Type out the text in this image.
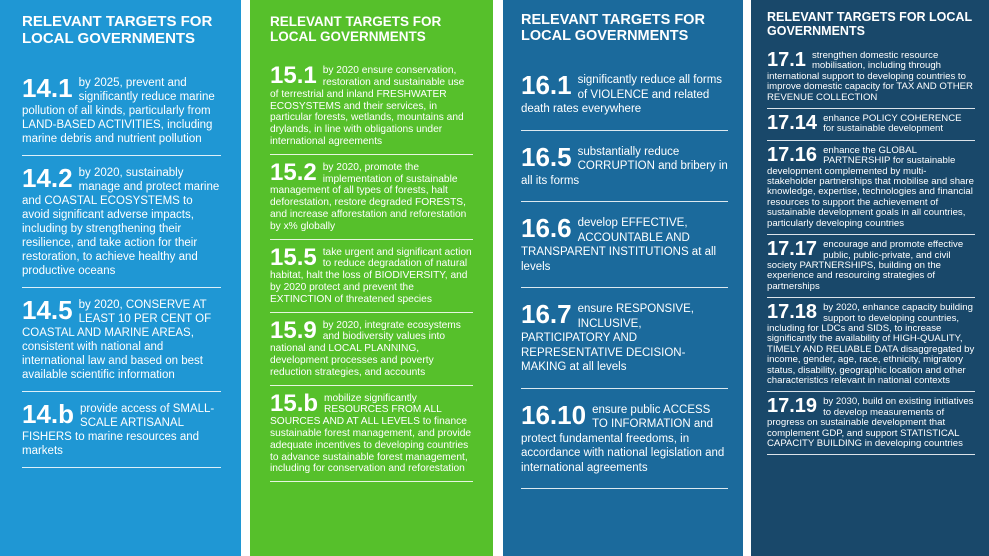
RELEVANT TARGETS FOR LOCAL GOVERNMENTS
14.1 by 2025, prevent and significantly reduce marine pollution of all kinds, particularly from LAND-BASED ACTIVITIES, including marine debris and nutrient pollution
14.2 by 2020, sustainably manage and protect marine and COASTAL ECOSYSTEMS to avoid significant adverse impacts, including by strengthening their resilience, and take action for their restoration, to achieve healthy and productive oceans
14.5 by 2020, CONSERVE AT LEAST 10 PER CENT OF COASTAL AND MARINE AREAS, consistent with national and international law and based on best available scientific information
14.b provide access of SMALL-SCALE ARTISANAL FISHERS to marine resources and markets
RELEVANT TARGETS FOR LOCAL GOVERNMENTS
15.1 by 2020 ensure conservation, restoration and sustainable use of terrestrial and inland FRESHWATER ECOSYSTEMS and their services, in particular forests, wetlands, mountains and drylands, in line with obligations under international agreements
15.2 by 2020, promote the implementation of sustainable management of all types of forests, halt deforestation, restore degraded FORESTS, and increase afforestation and reforestation by x% globally
15.5 take urgent and significant action to reduce degradation of natural habitat, halt the loss of BIODIVERSITY, and by 2020 protect and prevent the EXTINCTION of threatened species
15.9 by 2020, integrate ecosystems and biodiversity values into national and LOCAL PLANNING, development processes and poverty reduction strategies, and accounts
15.b mobilize significantly RESOURCES FROM ALL SOURCES AND AT ALL LEVELS to finance sustainable forest management, and provide adequate incentives to developing countries to advance sustainable forest management, including for conservation and reforestation
RELEVANT TARGETS FOR LOCAL GOVERNMENTS
16.1 significantly reduce all forms of VIOLENCE and related death rates everywhere
16.5 substantially reduce CORRUPTION and bribery in all its forms
16.6 develop EFFECTIVE, ACCOUNTABLE AND TRANSPARENT INSTITUTIONS at all levels
16.7 ensure RESPONSIVE, INCLUSIVE, PARTICIPATORY AND REPRESENTATIVE DECISION-MAKING at all levels
16.10 ensure public ACCESS TO INFORMATION and protect fundamental freedoms, in accordance with national legislation and international agreements
RELEVANT TARGETS FOR LOCAL GOVERNMENTS
17.1 strengthen domestic resource mobilisation, including through international support to developing countries to improve domestic capacity for TAX AND OTHER REVENUE COLLECTION
17.14 enhance POLICY COHERENCE for sustainable development
17.16 enhance the GLOBAL PARTNERSHIP for sustainable development complemented by multi-stakeholder partnerships that mobilise and share knowledge, expertise, technologies and financial resources to support the achievement of sustainable development goals in all countries, particularly developing countries
17.17 encourage and promote effective public, public-private, and civil society PARTNERSHIPS, building on the experience and resourcing strategies of partnerships
17.18 by 2020, enhance capacity building support to developing countries, including for LDCs and SIDS, to increase significantly the availability of HIGH-QUALITY, TIMELY AND RELIABLE DATA disaggregated by income, gender, age, race, ethnicity, migratory status, disability, geographic location and other characteristics relevant in national contexts
17.19 by 2030, build on existing initiatives to develop measurements of progress on sustainable development that complement GDP, and support STATISTICAL CAPACITY BUILDING in developing countries
